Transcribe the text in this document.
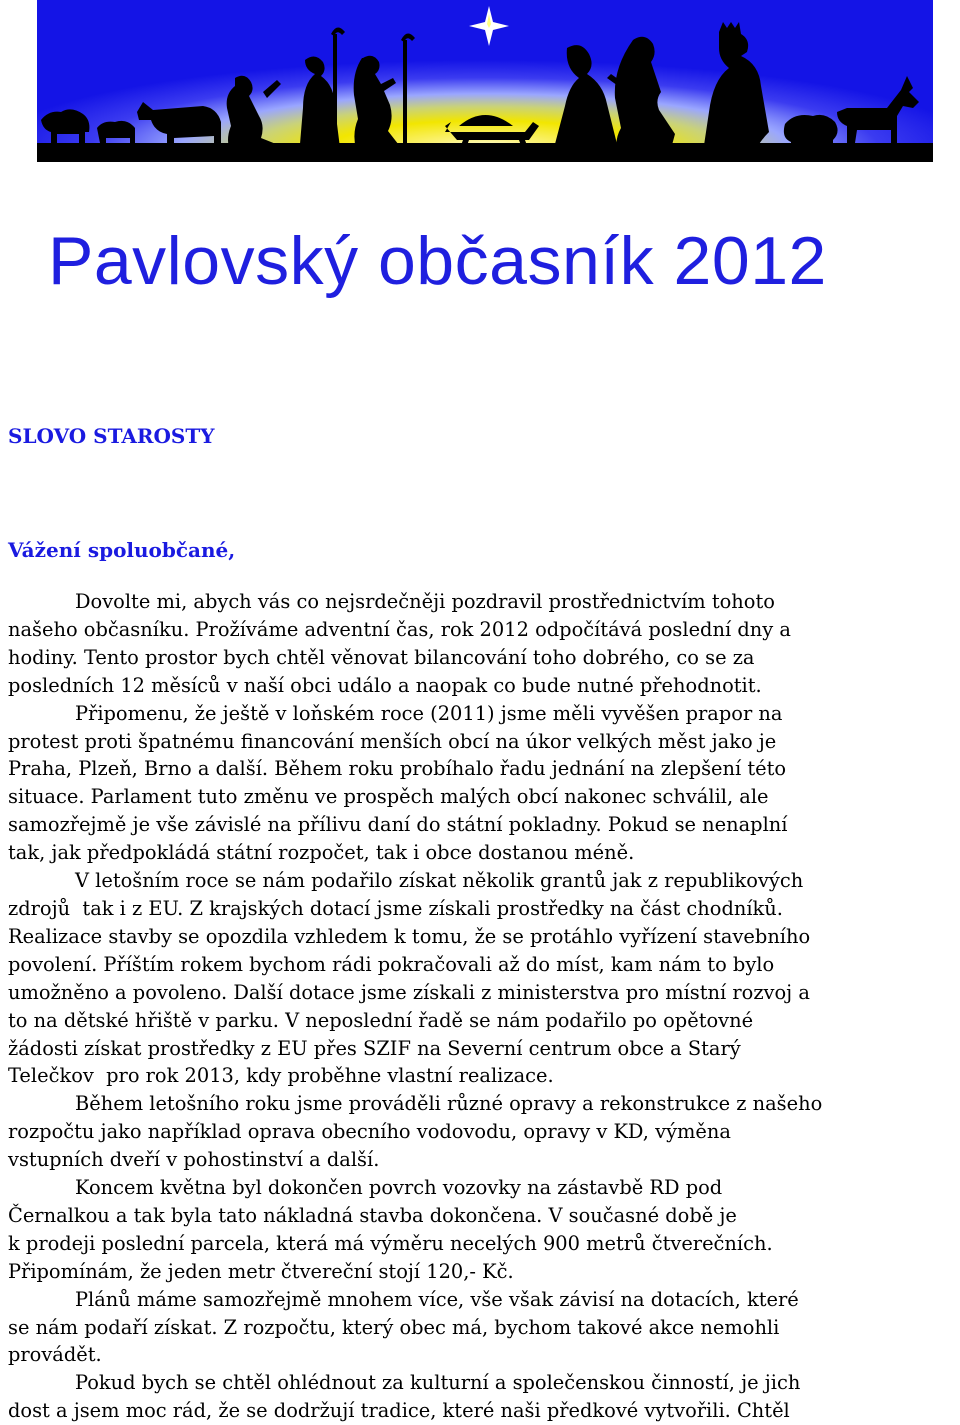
Pavlovský občasník 2012
SLOVO STAROSTY

Vážení spoluobčané,

Dovolte mi, abych vás co nejsrdečněji pozdravil prostřednictvím tohoto
našeho občasníku. Prožíváme adventní čas, rok 2012 odpočítává poslední dny a
hodiny. Tento prostor bych chtěl věnovat bilancování toho dobrého, co se za
posledních 12 měsíců v naší obci událo a naopak co bude nutné přehodnotit.
Připomenu, že ještě v loňském roce (2011) jsme měli vyvěšen prapor na
protest proti špatnému financování menších obcí na úkor velkých měst jako je
Praha, Plzeň, Brno a další. Během roku probíhalo řadu jednání na zlepšení této
situace. Parlament tuto změnu ve prospěch malých obcí nakonec schválil, ale
samozřejmě je vše závislé na přílivu daní do státní pokladny. Pokud se nenaplní
tak, jak předpokládá státní rozpočet, tak i obce dostanou méně.
V letošním roce se nám podařilo získat několik grantů jak z republikových
zdrojů  tak i z EU. Z krajských dotací jsme získali prostředky na část chodníků.
Realizace stavby se opozdila vzhledem k tomu, že se protáhlo vyřízení stavebního
povolení. Příštím rokem bychom rádi pokračovali až do míst, kam nám to bylo
umožněno a povoleno. Další dotace jsme získali z ministerstva pro místní rozvoj a
to na dětské hřiště v parku. V neposlední řadě se nám podařilo po opětovné
žádosti získat prostředky z EU přes SZIF na Severní centrum obce a Starý
Telečkov  pro rok 2013, kdy proběhne vlastní realizace.
Během letošního roku jsme prováděli různé opravy a rekonstrukce z našeho
rozpočtu jako například oprava obecního vodovodu, opravy v KD, výměna
vstupních dveří v pohostinství a další.
Koncem května byl dokončen povrch vozovky na zástavbě RD pod
Černalkou a tak byla tato nákladná stavba dokončena. V současné době je
k prodeji poslední parcela, která má výměru necelých 900 metrů čtverečních.
Připomínám, že jeden metr čtvereční stojí 120,- Kč.
Plánů máme samozřejmě mnohem více, vše však závisí na dotacích, které
se nám podaří získat. Z rozpočtu, který obec má, bychom takové akce nemohli
provádět.
Pokud bych se chtěl ohlédnout za kulturní a společenskou činností, je jich
dost a jsem moc rád, že se dodržují tradice, které naši předkové vytvořili. Chtěl
